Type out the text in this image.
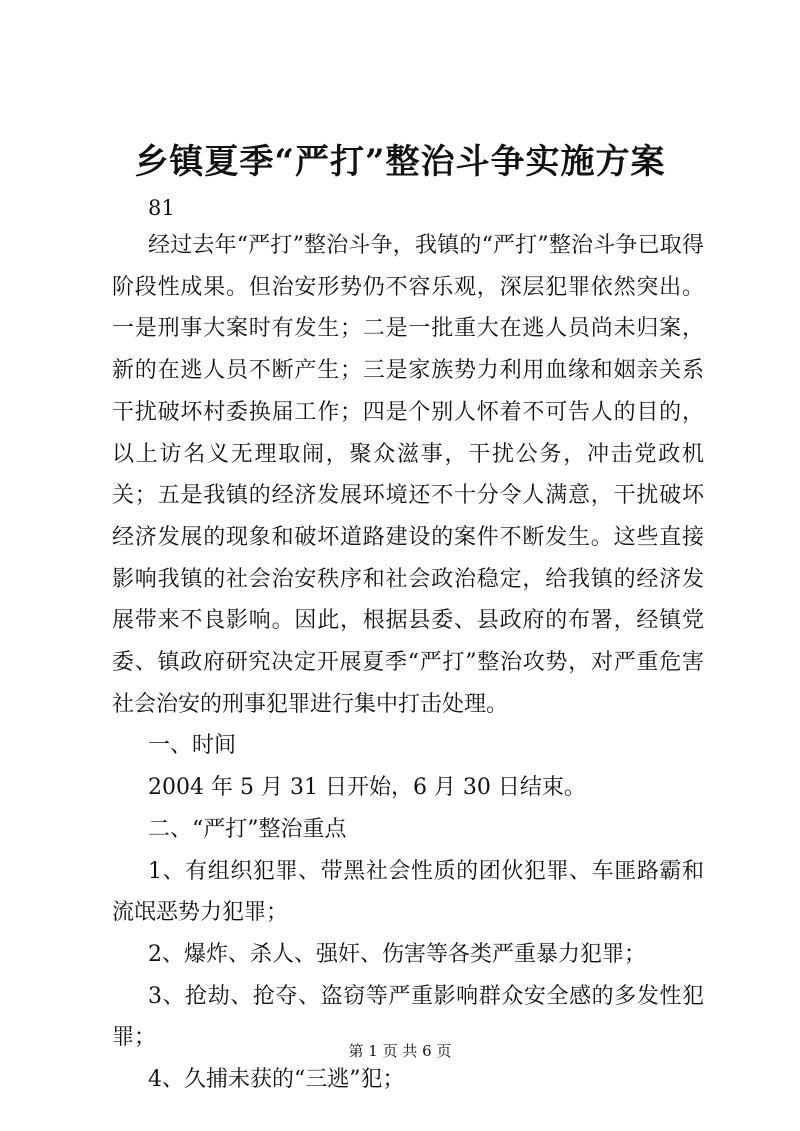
乡镇夏季“严打”整治斗争实施方案
81

经过去年“严打”整治斗争，我镇的“严打”整治斗争已取得阶段性成果。但治安形势仍不容乐观，深层犯罪依然突出。一是刑事大案时有发生；二是一批重大在逃人员尚未归案，新的在逃人员不断产生；三是家族势力利用血缘和姻亲关系干扰破坏村委换届工作；四是个别人怀着不可告人的目的，以上访名义无理取闹，聚众滋事，干扰公务，冲击党政机关；五是我镇的经济发展环境还不十分令人满意，干扰破坏经济发展的现象和破坏道路建设的案件不断发生。这些直接影响我镇的社会治安秩序和社会政治稳定，给我镇的经济发展带来不良影响。因此，根据县委、县政府的布署，经镇党委、镇政府研究决定开展夏季“严打”整治攻势，对严重危害社会治安的刑事犯罪进行集中打击处理。

一、时间

2004 年 5 月 31 日开始，6 月 30 日结束。

二、“严打”整治重点

1、有组织犯罪、带黑社会性质的团伙犯罪、车匪路霸和流氓恶势力犯罪；

2、爆炸、杀人、强奸、伤害等各类严重暴力犯罪；

3、抢劫、抢夺、盗窃等严重影响群众安全感的多发性犯罪；

4、久捕未获的“三逃”犯；

第 1 页 共 6 页
